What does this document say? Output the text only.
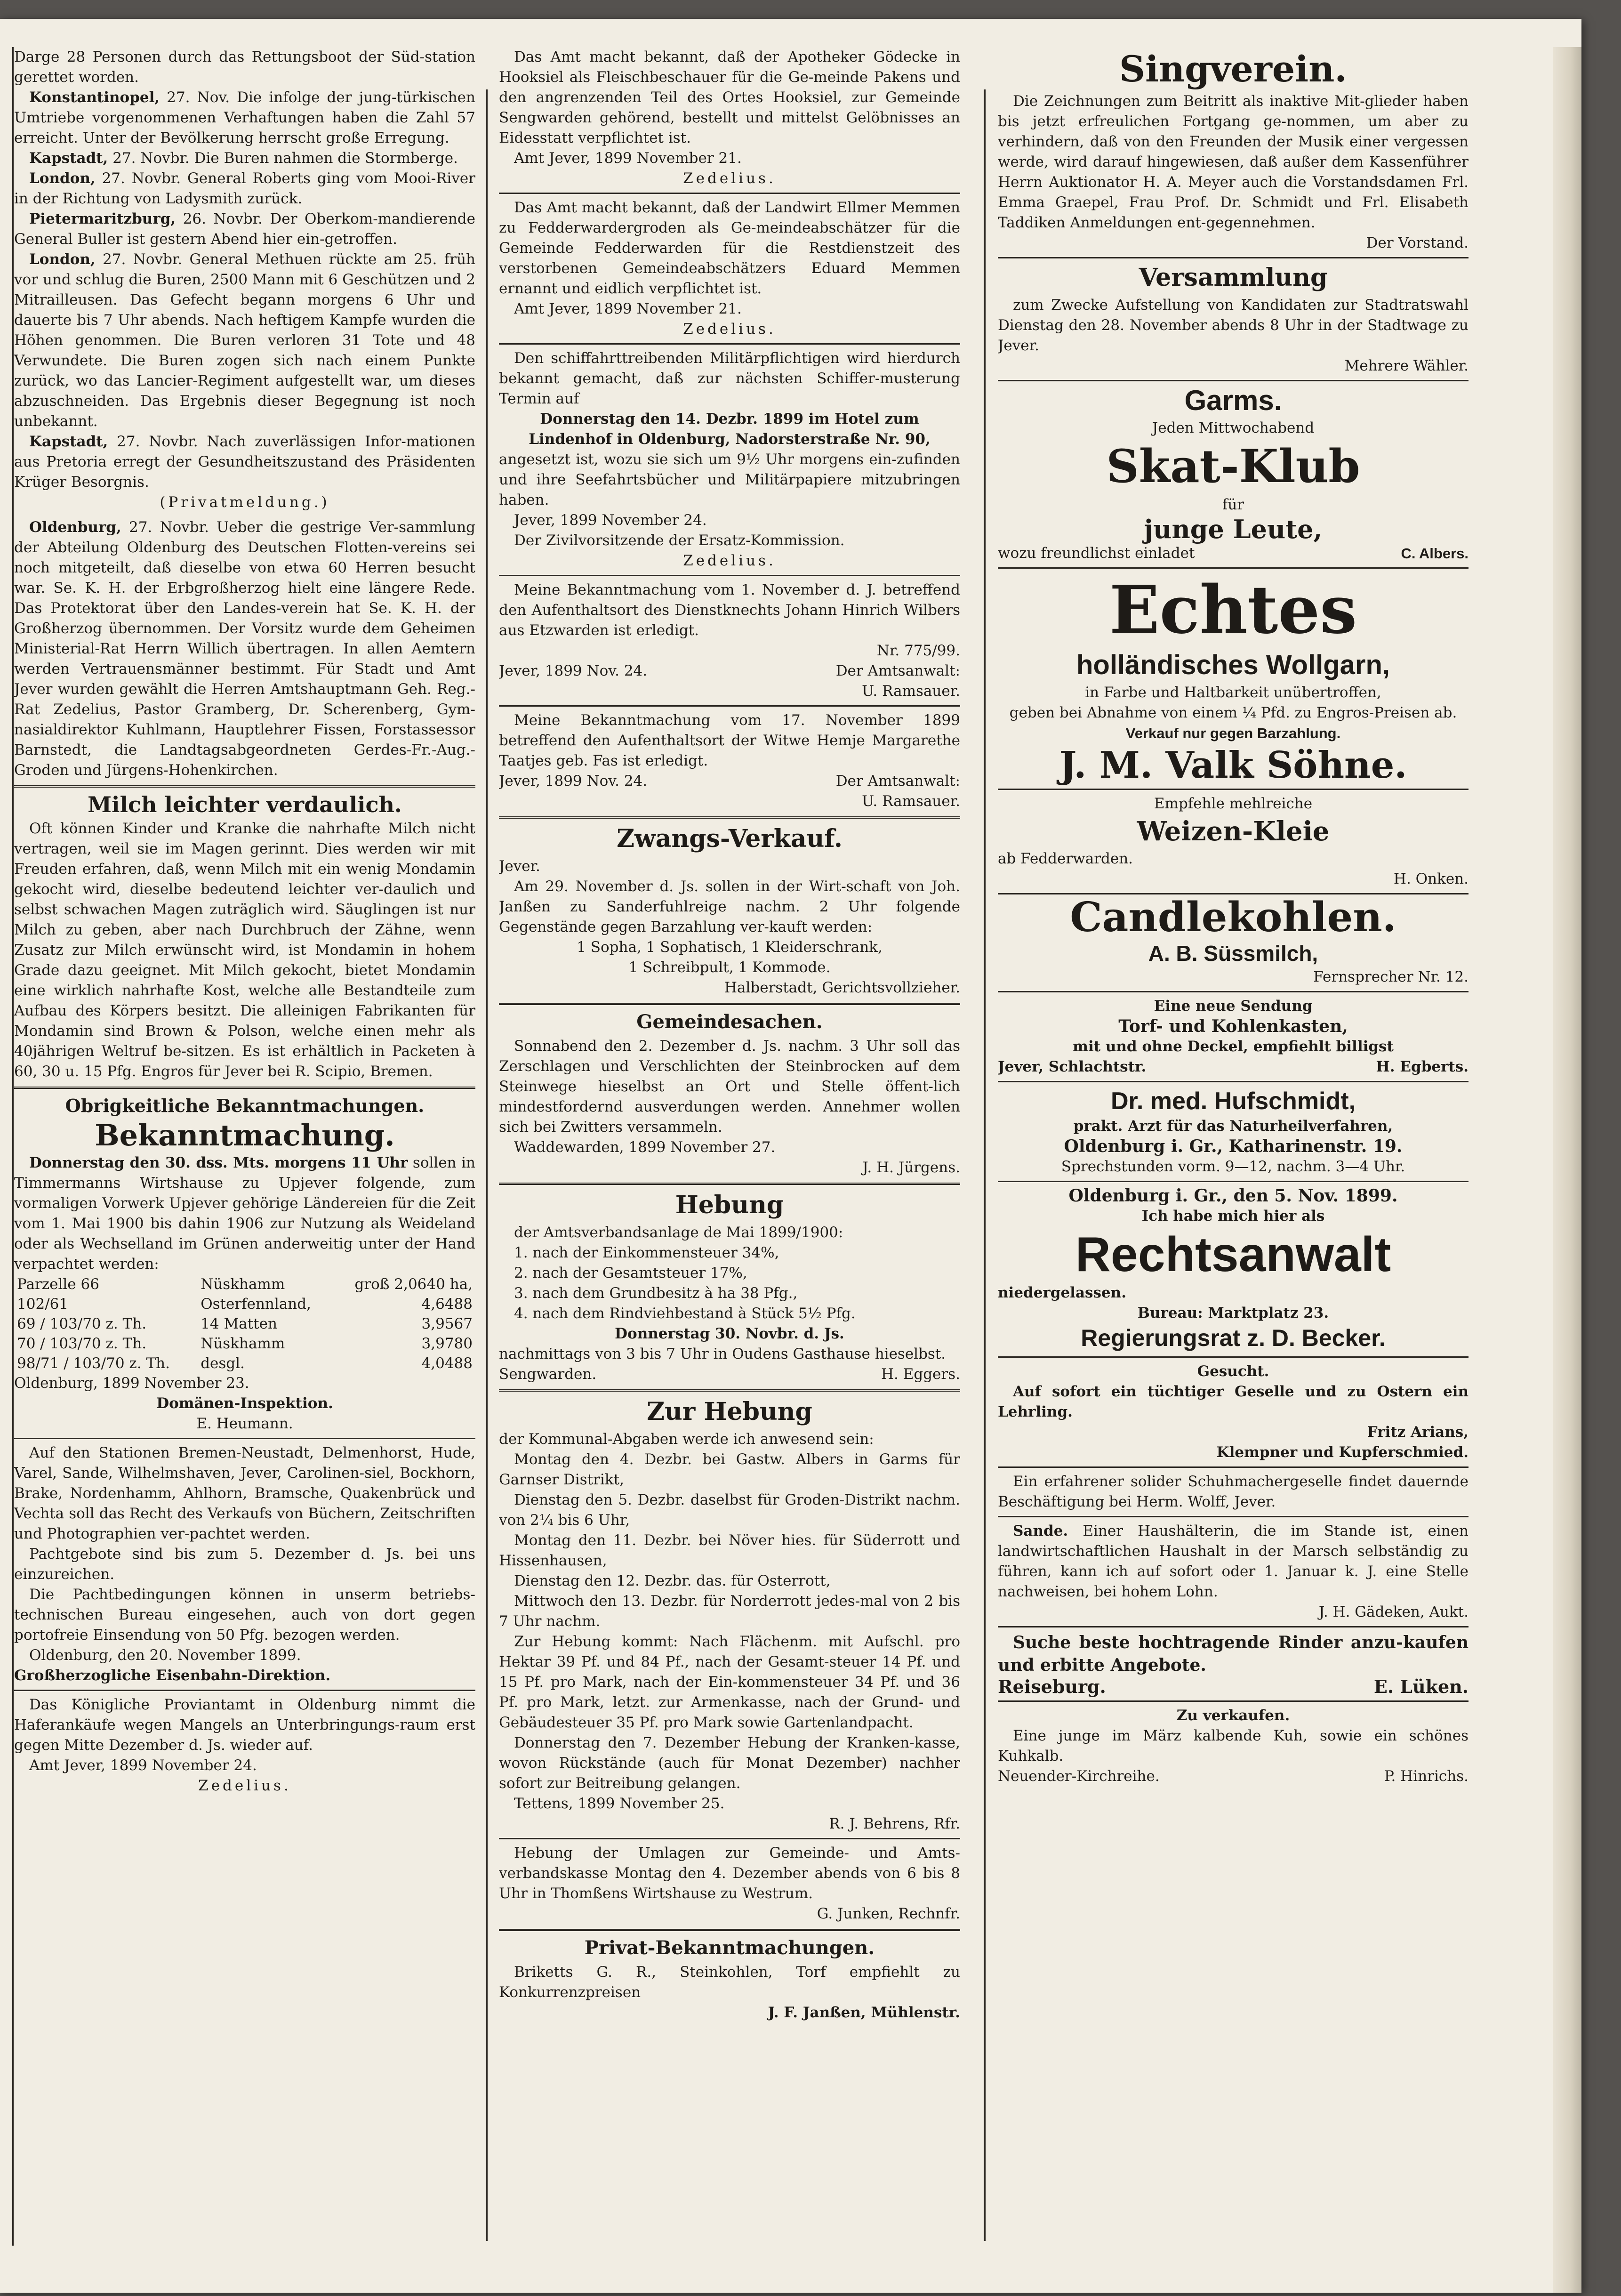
Darge 28 Personen durch das Rettungsboot der Süd-station gerettet worden.

Konstantinopel, 27. Nov. Die infolge der jung-türkischen Umtriebe vorgenommenen Verhaftungen haben die Zahl 57 erreicht. Unter der Bevölkerung herrscht große Erregung.

Kapstadt, 27. Novbr. Die Buren nahmen die Stormberge.

London, 27. Novbr. General Roberts ging vom Mooi-River in der Richtung von Ladysmith zurück.

Pietermaritzburg, 26. Novbr. Der Oberkom-mandierende General Buller ist gestern Abend hier ein-getroffen.

London, 27. Novbr. General Methuen rückte am 25. früh vor und schlug die Buren, 2500 Mann mit 6 Geschützen und 2 Mitrailleusen. Das Gefecht begann morgens 6 Uhr und dauerte bis 7 Uhr abends. Nach heftigem Kampfe wurden die Höhen genommen. Die Buren verloren 31 Tote und 48 Verwundete. Die Buren zogen sich nach einem Punkte zurück, wo das Lancier-Regiment aufgestellt war, um dieses abzuschneiden. Das Ergebnis dieser Begegnung ist noch unbekannt.

Kapstadt, 27. Novbr. Nach zuverlässigen Infor-mationen aus Pretoria erregt der Gesundheitszustand des Präsidenten Krüger Besorgnis.

(Privatmeldung.)

Oldenburg, 27. Novbr. Ueber die gestrige Ver-sammlung der Abteilung Oldenburg des Deutschen Flotten-vereins sei noch mitgeteilt, daß dieselbe von etwa 60 Herren besucht war. Se. K. H. der Erbgroßherzog hielt eine längere Rede. Das Protektorat über den Landes-verein hat Se. K. H. der Großherzog übernommen. Der Vorsitz wurde dem Geheimen Ministerial-Rat Herrn Willich übertragen. In allen Aemtern werden Vertrauensmänner bestimmt. Für Stadt und Amt Jever wurden gewählt die Herren Amtshauptmann Geh. Reg.-Rat Zedelius, Pastor Gramberg, Dr. Scherenberg, Gym-nasialdirektor Kuhlmann, Hauptlehrer Fissen, Forstassessor Barnstedt, die Landtagsabgeordneten Gerdes-Fr.-Aug.-Groden und Jürgens-Hohenkirchen.

Milch leichter verdaulich.

Oft können Kinder und Kranke die nahrhafte Milch nicht vertragen, weil sie im Magen gerinnt. Dies werden wir mit Freuden erfahren, daß, wenn Milch mit ein wenig Mondamin gekocht wird, dieselbe bedeutend leichter ver-daulich und selbst schwachen Magen zuträglich wird. Säuglingen ist nur Milch zu geben, aber nach Durchbruch der Zähne, wenn Zusatz zur Milch erwünscht wird, ist Mondamin in hohem Grade dazu geeignet. Mit Milch gekocht, bietet Mondamin eine wirklich nahrhafte Kost, welche alle Bestandteile zum Aufbau des Körpers besitzt. Die alleinigen Fabrikanten für Mondamin sind Brown & Polson, welche einen mehr als 40jährigen Weltruf be-sitzen. Es ist erhältlich in Packeten à 60, 30 u. 15 Pfg. Engros für Jever bei R. Scipio, Bremen.

Obrigkeitliche Bekanntmachungen.
Bekanntmachung.

Donnerstag den 30. dss. Mts. morgens 11 Uhr sollen in Timmermanns Wirtshause zu Upjever folgende, zum vormaligen Vorwerk Upjever gehörige Ländereien für die Zeit vom 1. Mai 1900 bis dahin 1906 zur Nutzung als Weideland oder als Wechselland im Grünen anderweitig unter der Hand verpachtet werden:

Parzelle 66	Nüskhamm	groß 2,0640 ha,
102/61	Osterfennland,	4,6488
69 / 103/70 z. Th.	14 Matten	3,9567
70 / 103/70 z. Th.	Nüskhamm	3,9780
98/71 / 103/70 z. Th.	desgl.	4,0488

Oldenburg, 1899 November 23.

Domänen-Inspektion.

E. Heumann.

Auf den Stationen Bremen-Neustadt, Delmenhorst, Hude, Varel, Sande, Wilhelmshaven, Jever, Carolinen-siel, Bockhorn, Brake, Nordenhamm, Ahlhorn, Bramsche, Quakenbrück und Vechta soll das Recht des Verkaufs von Büchern, Zeitschriften und Photographien ver-pachtet werden.

Pachtgebote sind bis zum 5. Dezember d. Js. bei uns einzureichen.

Die Pachtbedingungen können in unserm betriebs-technischen Bureau eingesehen, auch von dort gegen portofreie Einsendung von 50 Pfg. bezogen werden.

Oldenburg, den 20. November 1899.

Großherzogliche Eisenbahn-Direktion.

Das Königliche Proviantamt in Oldenburg nimmt die Haferankäufe wegen Mangels an Unterbringungs-raum erst gegen Mitte Dezember d. Js. wieder auf.

Amt Jever, 1899 November 24.

Zedelius.

Das Amt macht bekannt, daß der Apotheker Gödecke in Hooksiel als Fleischbeschauer für die Ge-meinde Pakens und den angrenzenden Teil des Ortes Hooksiel, zur Gemeinde Sengwarden gehörend, bestellt und mittelst Gelöbnisses an Eidesstatt verpflichtet ist.

Amt Jever, 1899 November 21.

Zedelius.

Das Amt macht bekannt, daß der Landwirt Ellmer Memmen zu Fedderwardergroden als Ge-meindeabschätzer für die Gemeinde Fedderwarden für die Restdienstzeit des verstorbenen Gemeindeabschätzers Eduard Memmen ernannt und eidlich verpflichtet ist.

Amt Jever, 1899 November 21.

Zedelius.

Den schiffahrttreibenden Militärpflichtigen wird hierdurch bekannt gemacht, daß zur nächsten Schiffer-musterung Termin auf

Donnerstag den 14. Dezbr. 1899 im Hotel zum Lindenhof in Oldenburg, Nadorsterstraße Nr. 90,

angesetzt ist, wozu sie sich um 9½ Uhr morgens ein-zufinden und ihre Seefahrtsbücher und Militärpapiere mitzubringen haben.

Jever, 1899 November 24.

Der Zivilvorsitzende der Ersatz-Kommission.

Zedelius.

Meine Bekanntmachung vom 1. November d. J. betreffend den Aufenthaltsort des Dienstknechts Johann Hinrich Wilbers aus Etzwarden ist erledigt.

Nr. 775/99.

Jever, 1899 Nov. 24.	Der Amtsanwalt:

U. Ramsauer.

Meine Bekanntmachung vom 17. November 1899 betreffend den Aufenthaltsort der Witwe Hemje Margarethe Taatjes geb. Fas ist erledigt.

Jever, 1899 Nov. 24.	Der Amtsanwalt:

U. Ramsauer.

Zwangs-Verkauf.

Jever.

Am 29. November d. Js. sollen in der Wirt-schaft von Joh. Janßen zu Sanderfuhlreige nachm. 2 Uhr folgende Gegenstände gegen Barzahlung ver-kauft werden:

1 Sopha, 1 Sophatisch, 1 Kleiderschrank,

1 Schreibpult, 1 Kommode.

Halberstadt, Gerichtsvollzieher.

Gemeindesachen.

Sonnabend den 2. Dezember d. Js. nachm. 3 Uhr soll das Zerschlagen und Verschlichten der Steinbrocken auf dem Steinwege hieselbst an Ort und Stelle öffent-lich mindestfordernd ausverdungen werden. Annehmer wollen sich bei Zwitters versammeln.

Waddewarden, 1899 November 27.

J. H. Jürgens.

Hebung

der Amtsverbandsanlage de Mai 1899/1900:

1. nach der Einkommensteuer 34%,

2. nach der Gesamtsteuer 17%,

3. nach dem Grundbesitz à ha 38 Pfg.,

4. nach dem Rindviehbestand à Stück 5½ Pfg.

Donnerstag 30. Novbr. d. Js.

nachmittags von 3 bis 7 Uhr in Oudens Gasthause hieselbst.

Sengwarden.	H. Eggers.
Zur Hebung

der Kommunal-Abgaben werde ich anwesend sein:

Montag den 4. Dezbr. bei Gastw. Albers in Garms für Garnser Distrikt,

Dienstag den 5. Dezbr. daselbst für Groden-Distrikt nachm. von 2¼ bis 6 Uhr,

Montag den 11. Dezbr. bei Növer hies. für Süderrott und Hissenhausen,

Dienstag den 12. Dezbr. das. für Osterrott,

Mittwoch den 13. Dezbr. für Norderrott jedes-mal von 2 bis 7 Uhr nachm.

Zur Hebung kommt: Nach Flächenm. mit Aufschl. pro Hektar 39 Pf. und 84 Pf., nach der Gesamt-steuer 14 Pf. und 15 Pf. pro Mark, nach der Ein-kommensteuer 34 Pf. und 36 Pf. pro Mark, letzt. zur Armenkasse, nach der Grund- und Gebäudesteuer 35 Pf. pro Mark sowie Gartenlandpacht.

Donnerstag den 7. Dezember Hebung der Kranken-kasse, wovon Rückstände (auch für Monat Dezember) nachher sofort zur Beitreibung gelangen.

Tettens, 1899 November 25.

R. J. Behrens, Rfr.

Hebung der Umlagen zur Gemeinde- und Amts-verbandskasse Montag den 4. Dezember abends von 6 bis 8 Uhr in Thomßens Wirtshause zu Westrum.

G. Junken, Rechnfr.

Privat-Bekanntmachungen.

Briketts G. R., Steinkohlen, Torf empfiehlt zu Konkurrenzpreisen

J. F. Janßen, Mühlenstr.

Singverein.

Die Zeichnungen zum Beitritt als inaktive Mit-glieder haben bis jetzt erfreulichen Fortgang ge-nommen, um aber zu verhindern, daß von den Freunden der Musik einer vergessen werde, wird darauf hingewiesen, daß außer dem Kassenführer Herrn Auktionator H. A. Meyer auch die Vorstandsdamen Frl. Emma Graepel, Frau Prof. Dr. Schmidt und Frl. Elisabeth Taddiken Anmeldungen ent-gegennehmen.

Der Vorstand.

Versammlung

zum Zwecke Aufstellung von Kandidaten zur Stadtratswahl Dienstag den 28. November abends 8 Uhr in der Stadtwage zu Jever.

Mehrere Wähler.

Garms.

Jeden Mittwochabend

Skat-Klub

für

junge Leute,
wozu freundlichst einladet	C. Albers.
Echtes
holländisches Wollgarn,

in Farbe und Haltbarkeit unübertroffen,

geben bei Abnahme von einem ¼ Pfd. zu Engros-Preisen ab.

Verkauf nur gegen Barzahlung.

J. M. Valk Söhne.

Empfehle mehlreiche

Weizen-Kleie

ab Fedderwarden.

H. Onken.

Candlekohlen.

A. B. Süssmilch,

Fernsprecher Nr. 12.

Eine neue Sendung

Torf- und Kohlenkasten,

mit und ohne Deckel, empfiehlt billigst

Jever, Schlachtstr.	H. Egberts.

Dr. med. Hufschmidt,

prakt. Arzt für das Naturheilverfahren,

Oldenburg i. Gr., Katharinenstr. 19.

Sprechstunden vorm. 9—12, nachm. 3—4 Uhr.

Oldenburg i. Gr., den 5. Nov. 1899.

Ich habe mich hier als

Rechtsanwalt

niedergelassen.

Bureau: Marktplatz 23.

Regierungsrat z. D. Becker.

Gesucht.

Auf sofort ein tüchtiger Geselle und zu Ostern ein Lehrling.

Fritz Arians,

Klempner und Kupferschmied.

Ein erfahrener solider Schuhmachergeselle findet dauernde Beschäftigung bei Herm. Wolff, Jever.

Sande. Einer Haushälterin, die im Stande ist, einen landwirtschaftlichen Haushalt in der Marsch selbständig zu führen, kann ich auf sofort oder 1. Januar k. J. eine Stelle nachweisen, bei hohem Lohn.

J. H. Gädeken, Aukt.

Suche beste hochtragende Rinder anzu-kaufen und erbitte Angebote.

Reiseburg.	E. Lüken.

Zu verkaufen.

Eine junge im März kalbende Kuh, sowie ein schönes Kuhkalb.

Neuender-Kirchreihe.	P. Hinrichs.
